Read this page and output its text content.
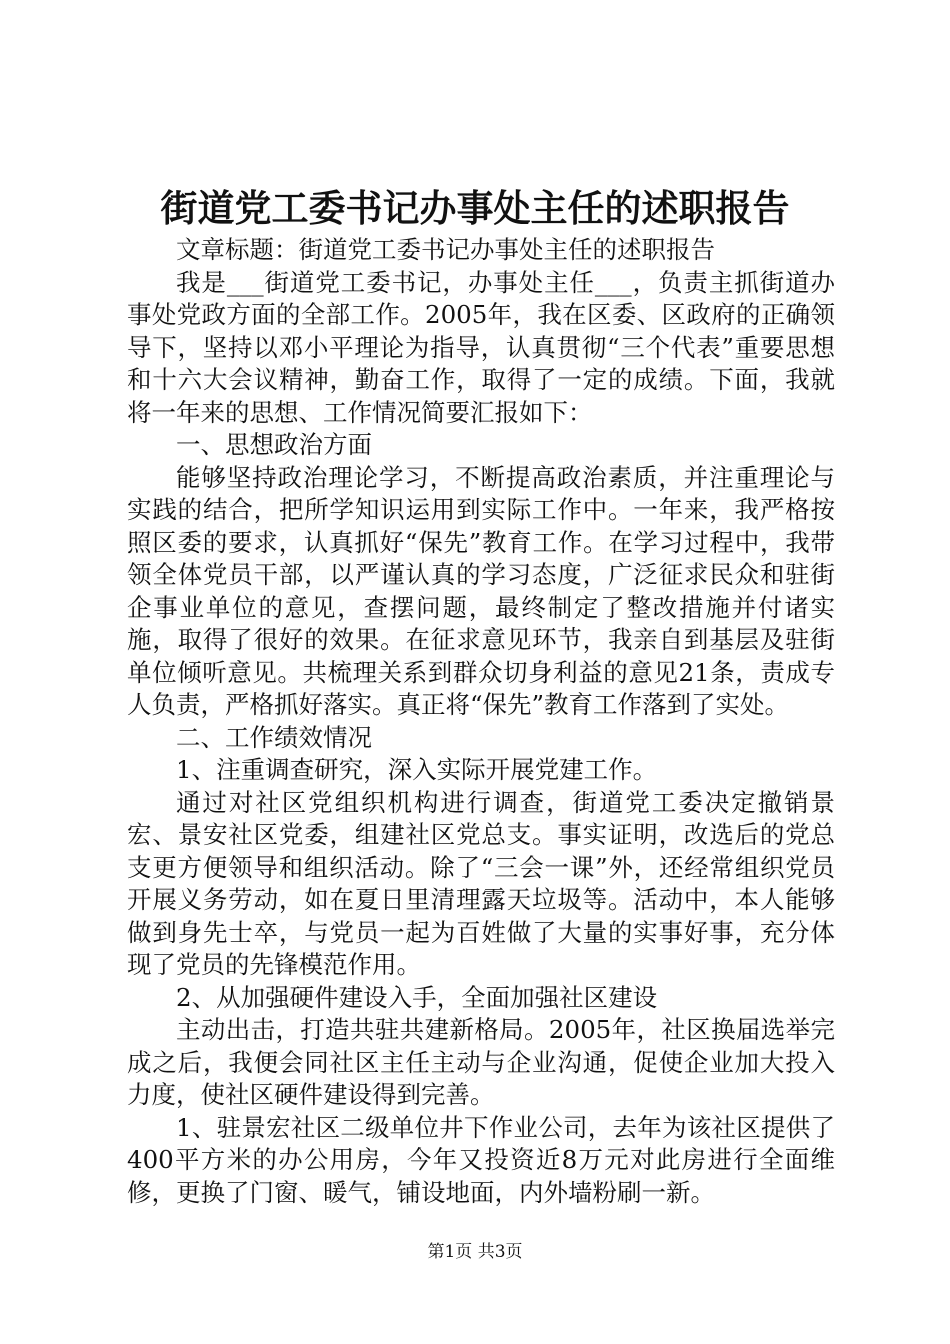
街道党工委书记办事处主任的述职报告

文章标题：街道党工委书记办事处主任的述职报告

我是___街道党工委书记，办事处主任___，负责主抓街道办事处党政方面的全部工作。2005年，我在区委、区政府的正确领导下，坚持以邓小平理论为指导，认真贯彻“三个代表”重要思想和十六大会议精神，勤奋工作，取得了一定的成绩。下面，我就将一年来的思想、工作情况简要汇报如下：

一、思想政治方面

能够坚持政治理论学习，不断提高政治素质，并注重理论与实践的结合，把所学知识运用到实际工作中。一年来，我严格按照区委的要求，认真抓好“保先”教育工作。在学习过程中，我带领全体党员干部，以严谨认真的学习态度，广泛征求民众和驻街企事业单位的意见，查摆问题，最终制定了整改措施并付诸实施，取得了很好的效果。在征求意见环节，我亲自到基层及驻街单位倾听意见。共梳理关系到群众切身利益的意见21条，责成专人负责，严格抓好落实。真正将“保先”教育工作落到了实处。

二、工作绩效情况

1、注重调查研究，深入实际开展党建工作。

通过对社区党组织机构进行调查，街道党工委决定撤销景宏、景安社区党委，组建社区党总支。事实证明，改选后的党总支更方便领导和组织活动。除了“三会一课”外，还经常组织党员开展义务劳动，如在夏日里清理露天垃圾等。活动中，本人能够做到身先士卒，与党员一起为百姓做了大量的实事好事，充分体现了党员的先锋模范作用。

2、从加强硬件建设入手，全面加强社区建设

主动出击，打造共驻共建新格局。2005年，社区换届选举完成之后，我便会同社区主任主动与企业沟通，促使企业加大投入力度，使社区硬件建设得到完善。

1、驻景宏社区二级单位井下作业公司，去年为该社区提供了400平方米的办公用房，今年又投资近8万元对此房进行全面维修，更换了门窗、暖气，铺设地面，内外墙粉刷一新。

第1页 共3页
